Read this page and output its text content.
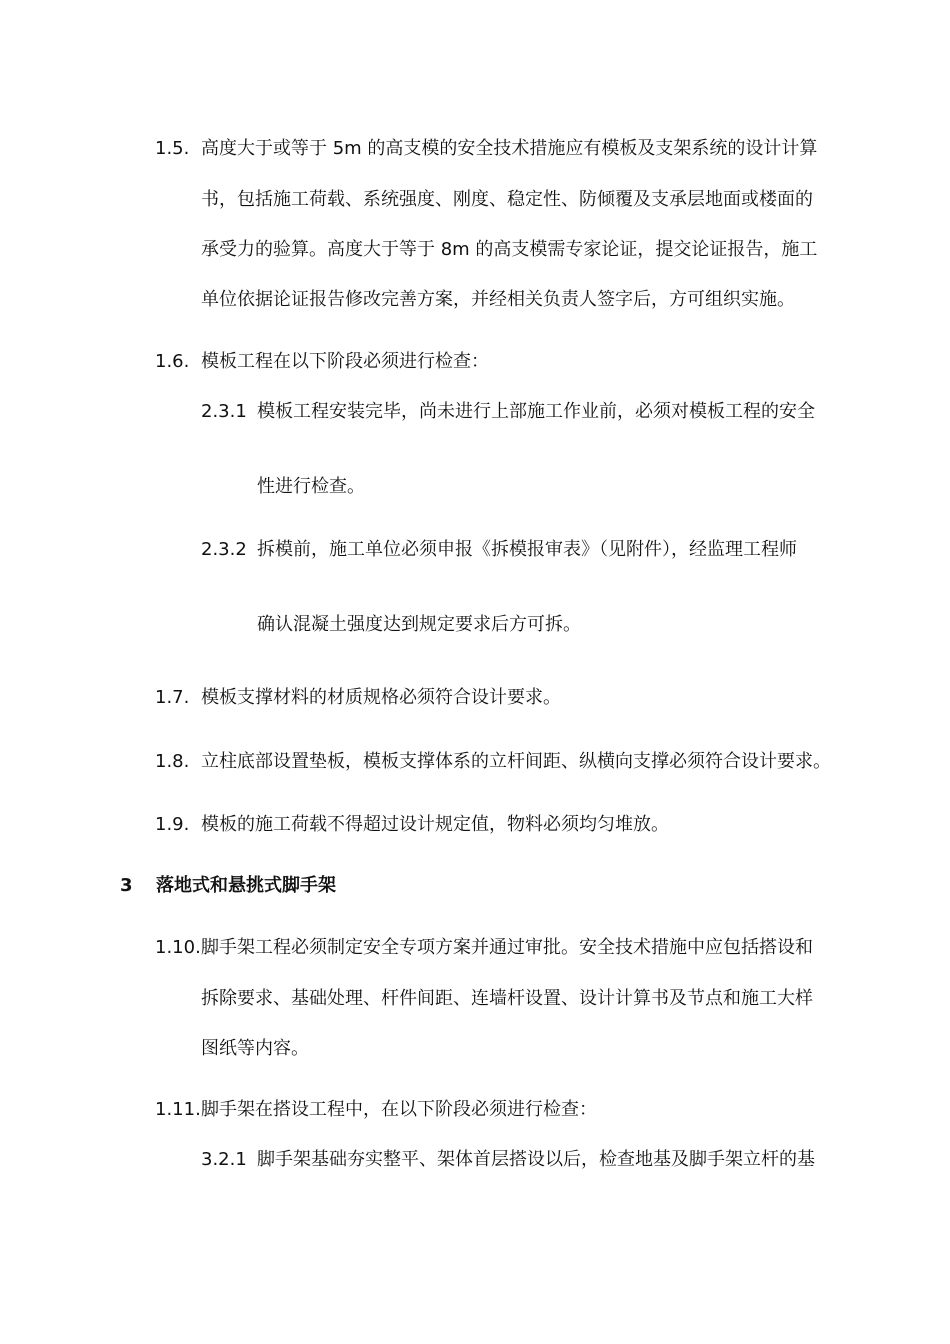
1.5. 高度大于或等于 5m 的高支模的安全技术措施应有模板及支架系统的设计计算
书，包括施工荷载、系统强度、刚度、稳定性、防倾覆及支承层地面或楼面的
承受力的验算。高度大于等于 8m 的高支模需专家论证，提交论证报告，施工
单位依据论证报告修改完善方案，并经相关负责人签字后，方可组织实施。
1.6. 模板工程在以下阶段必须进行检查：
2.3.1 模板工程安装完毕，尚未进行上部施工作业前，必须对模板工程的安全
性进行检查。
2.3.2 拆模前，施工单位必须申报《拆模报审表》（见附件），经监理工程师
确认混凝土强度达到规定要求后方可拆。
1.7. 模板支撑材料的材质规格必须符合设计要求。
1.8. 立柱底部设置垫板，模板支撑体系的立杆间距、纵横向支撑必须符合设计要求。
1.9. 模板的施工荷载不得超过设计规定值，物料必须均匀堆放。
3 落地式和悬挑式脚手架
1.10. 脚手架工程必须制定安全专项方案并通过审批。安全技术措施中应包括搭设和
拆除要求、基础处理、杆件间距、连墙杆设置、设计计算书及节点和施工大样
图纸等内容。
1.11. 脚手架在搭设工程中，在以下阶段必须进行检查：
3.2.1 脚手架基础夯实整平、架体首层搭设以后，检查地基及脚手架立杆的基
